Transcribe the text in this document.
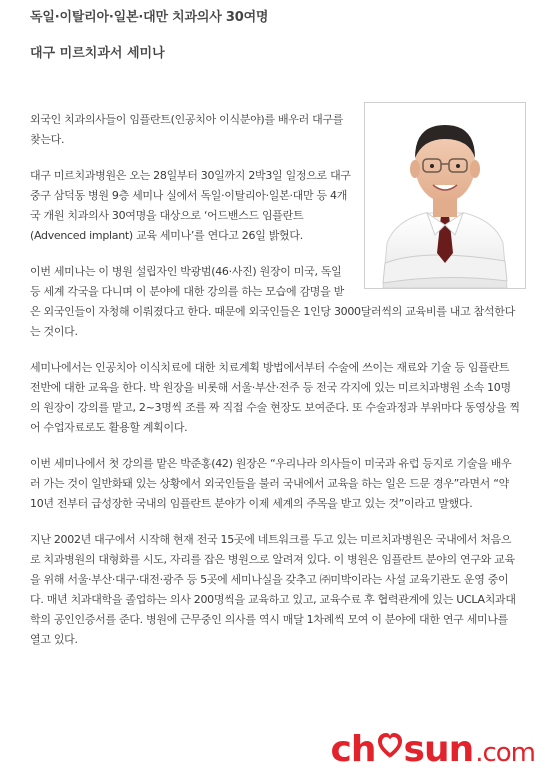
독일·이탈리아·일본·대만 치과의사 30여명
대구 미르치과서 세미나

외국인 치과의사들이 임플란트(인공치아 이식분야)를 배우러 대구를 찾는다.

대구 미르치과병원은 오는 28일부터 30일까지 2박3일 일정으로 대구 중구 삼덕동 병원 9층 세미나 실에서 독일·이탈리아·일본·대만 등 4개국 개원 치과의사 30여명을 대상으로 ‘어드밴스드 임플란트(Advenced implant) 교육 세미나’를 연다고 26일 밝혔다.

이번 세미나는 이 병원 설립자인 박광범(46·사진) 원장이 미국, 독일 등 세계 각국을 다니며 이 분야에 대한 강의를 하는 모습에 감명을 받은 외국인들이 자청해 이뤄졌다고 한다. 때문에 외국인들은 1인당 3000달러씩의 교육비를 내고 참석한다는 것이다.

세미나에서는 인공치아 이식치료에 대한 치료계획 방법에서부터 수술에 쓰이는 재료와 기술 등 임플란트 전반에 대한 교육을 한다. 박 원장을 비롯해 서울·부산·전주 등 전국 각지에 있는 미르치과병원 소속 10명의 원장이 강의를 맡고, 2~3명씩 조를 짜 직접 수술 현장도 보여준다. 또 수술과정과 부위마다 동영상을 찍어 수업자료로도 활용할 계획이다.

이번 세미나에서 첫 강의를 맡은 박준홍(42) 원장은 “우리나라 의사들이 미국과 유럽 등지로 기술을 배우러 가는 것이 일반화돼 있는 상황에서 외국인들을 불러 국내에서 교육을 하는 일은 드문 경우”라면서 “약 10년 전부터 급성장한 국내의 임플란트 분야가 이제 세계의 주목을 받고 있는 것”이라고 말했다.

지난 2002년 대구에서 시작해 현재 전국 15곳에 네트워크를 두고 있는 미르치과병원은 국내에서 처음으로 치과병원의 대형화를 시도, 자리를 잡은 병원으로 알려져 있다. 이 병원은 임플란트 분야의 연구와 교육을 위해 서울·부산·대구·대전·광주 등 5곳에 세미나실을 갖추고 ㈜미박이라는 사설 교육기관도 운영 중이다. 매년 치과대학을 졸업하는 의사 200명씩을 교육하고 있고, 교육수료 후 협력관계에 있는 UCLA치과대학의 공인인증서를 준다. 병원에 근무중인 의사를 역시 매달 1차례씩 모여 이 분야에 대한 연구 세미나를 열고 있다.

ch 조선일보 sun .com
